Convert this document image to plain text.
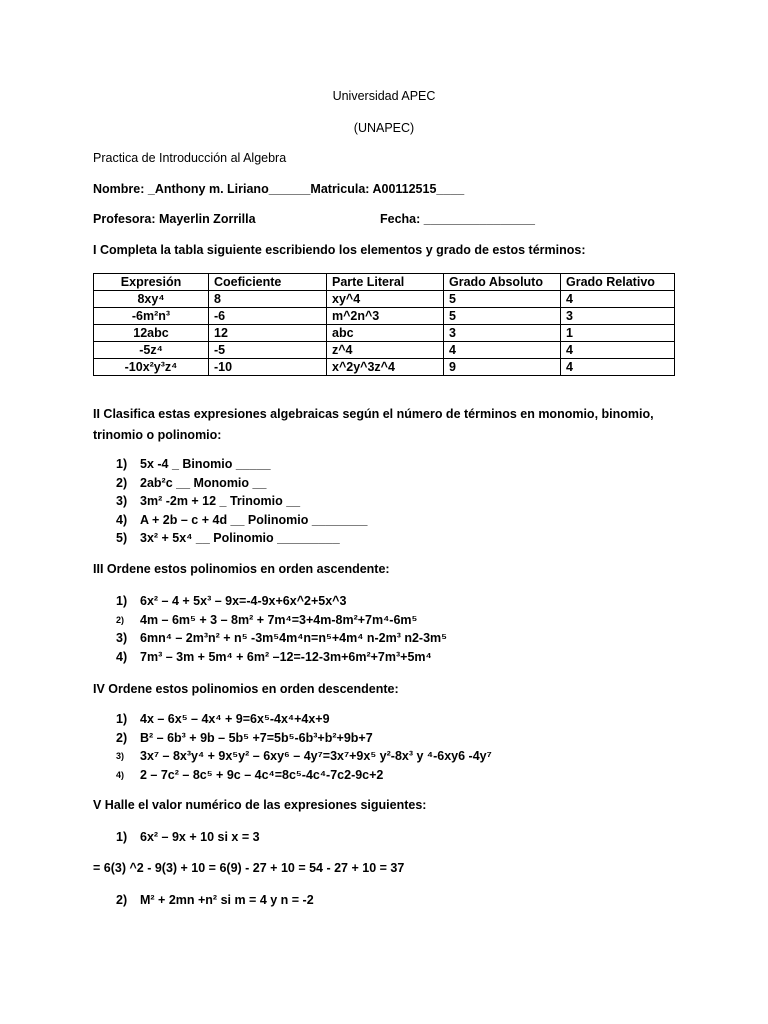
Universidad APEC
(UNAPEC)
Practica de Introducción al Algebra
Nombre: _Anthony m. Liriano______Matricula: A00112515____
Profesora: Mayerlin Zorrilla	Fecha: ________________
I Completa la tabla siguiente escribiendo los elementos y grado de estos términos:
Expresión	Coeficiente	Parte Literal	Grado Absoluto	Grado Relativo
8xy⁴	8	xy^4	5	4
-6m²n³	-6	m^2n^3	5	3
12abc	12	abc	3	1
-5z⁴	-5	z^4	4	4
-10x²y³z⁴	-10	x^2y^3z^4	9	4
II Clasifica estas expresiones algebraicas según el número de términos en monomio, binomio, trinomio o polinomio:
1) 5x -4 _ Binomio _____
2) 2ab²c __ Monomio __
3) 3m² -2m + 12 _ Trinomio __
4) A + 2b – c + 4d __ Polinomio ________
5) 3x² + 5x⁴ __ Polinomio _________
III Ordene estos polinomios en orden ascendente:
1) 6x² – 4 + 5x³ – 9x=-4-9x+6x^2+5x^3
2) 4m – 6m⁵ + 3 – 8m² + 7m⁴=3+4m-8m²+7m⁴-6m⁵
3) 6mn⁴ – 2m³n² + n⁵ -3m⁵4m⁴n=n⁵+4m⁴ n-2m³ n2-3m⁵
4) 7m³ – 3m + 5m⁴ + 6m² –12=-12-3m+6m²+7m³+5m⁴
IV Ordene estos polinomios en orden descendente:
1) 4x – 6x⁵ – 4x⁴ + 9=6x⁵-4x⁴+4x+9
2) B² – 6b³ + 9b – 5b⁵ +7=5b⁵-6b³+b²+9b+7
3) 3x⁷ – 8x³y⁴ + 9x⁵y² – 6xy⁶ – 4y⁷=3x⁷+9x⁵ y²-8x³ y ⁴-6xy6 -4y⁷
4) 2 – 7c² – 8c⁵ + 9c – 4c⁴=8c⁵-4c⁴-7c2-9c+2
V Halle el valor numérico de las expresiones siguientes:
1) 6x² – 9x + 10 si x = 3
= 6(3) ^2 - 9(3) + 10 = 6(9) - 27 + 10 = 54 - 27 + 10 = 37
2) M² + 2mn +n² si m = 4 y n = -2
